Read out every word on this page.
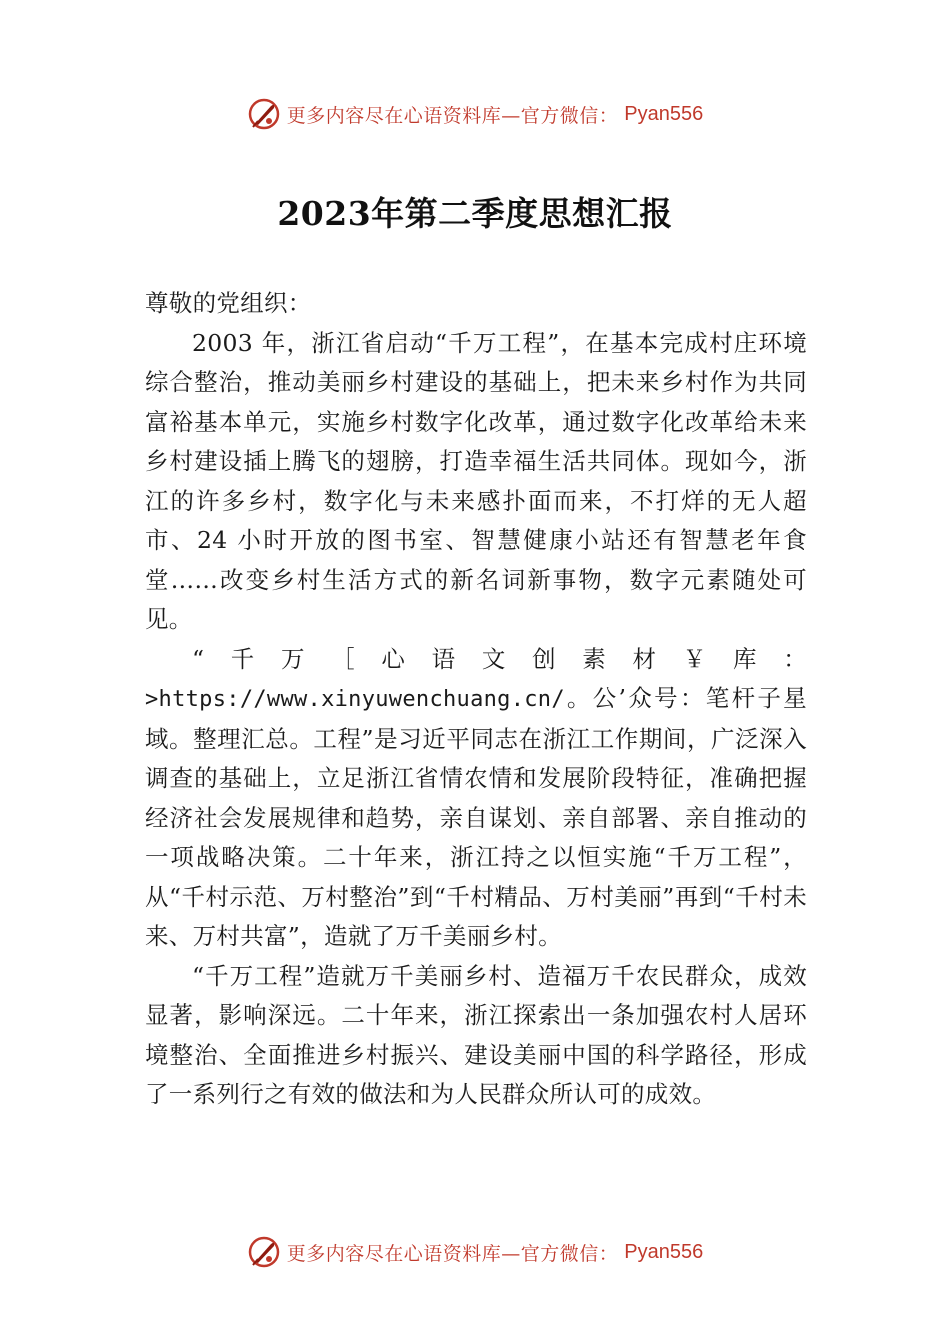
更多内容尽在心语资料库—官方微信： Pyan556
2023年第二季度思想汇报

尊敬的党组织：

2003 年，浙江省启动“千万工程”，在基本完成村庄环境综合整治，推动美丽乡村建设的基础上，把未来乡村作为共同富裕基本单元，实施乡村数字化改革，通过数字化改革给未来乡村建设插上腾飞的翅膀，打造幸福生活共同体。现如今，浙江的许多乡村，数字化与未来感扑面而来，不打烊的无人超市、24 小时开放的图书室、智慧健康小站还有智慧老年食堂……改变乡村生活方式的新名词新事物，数字元素随处可见。

“千万［心语文创素材￥库：>https://www.xinyuwenchuang.cn/。公’众号：笔杆子星域。整理汇总。工程”是习近平同志在浙江工作期间，广泛深入调查的基础上，立足浙江省情农情和发展阶段特征，准确把握经济社会发展规律和趋势，亲自谋划、亲自部署、亲自推动的一项战略决策。二十年来，浙江持之以恒实施“千万工程”，从“千村示范、万村整治”到“千村精品、万村美丽”再到“千村未来、万村共富”，造就了万千美丽乡村。

“千万工程”造就万千美丽乡村、造福万千农民群众，成效显著，影响深远。二十年来，浙江探索出一条加强农村人居环境整治、全面推进乡村振兴、建设美丽中国的科学路径，形成了一系列行之有效的做法和为人民群众所认可的成效。

更多内容尽在心语资料库—官方微信： Pyan556
